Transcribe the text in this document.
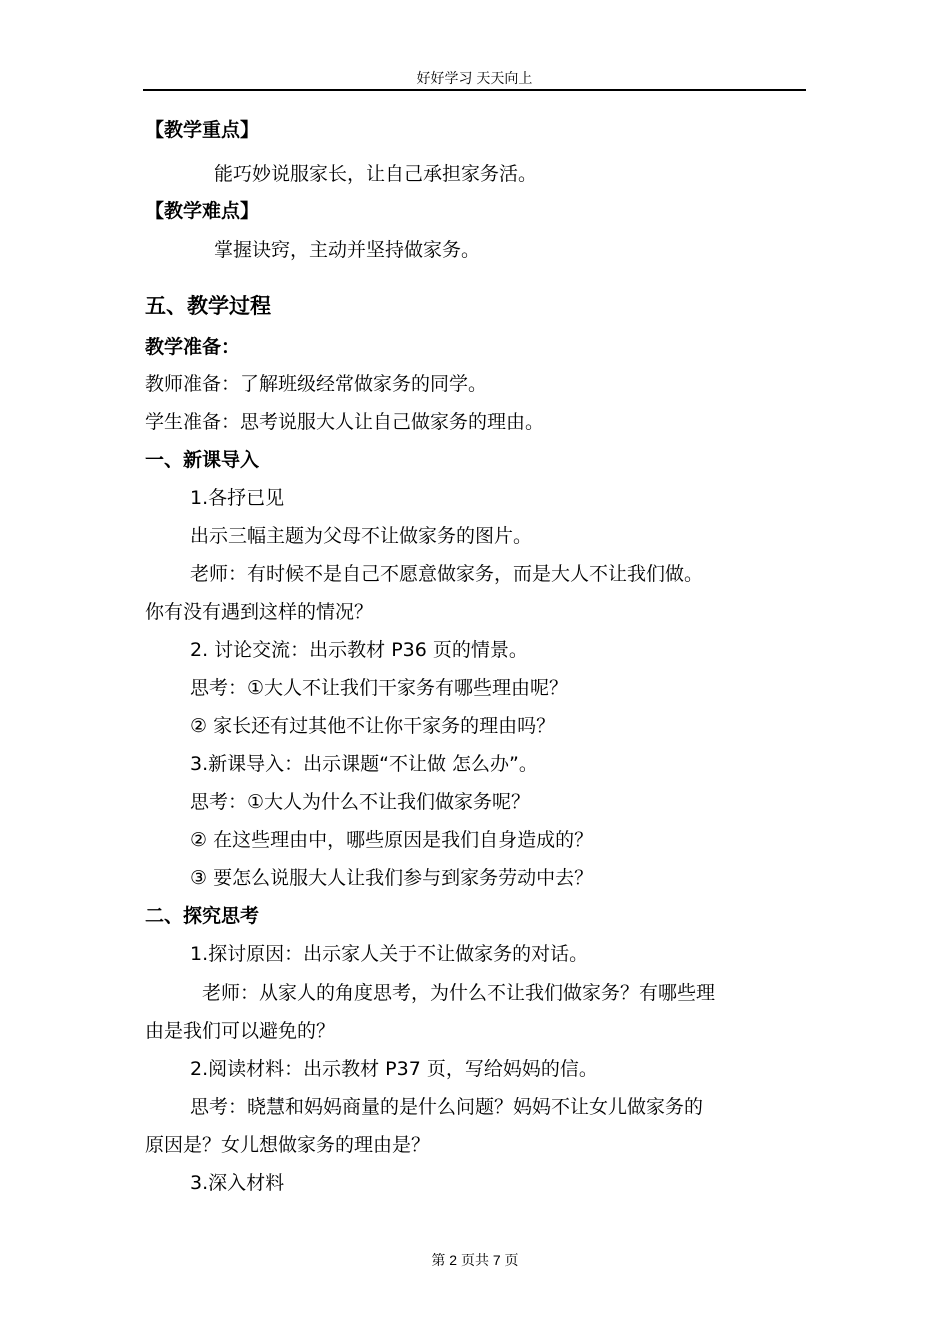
好好学习 天天向上
【教学重点】
能巧妙说服家长，让自己承担家务活。
【教学难点】
掌握诀窍，主动并坚持做家务。
五、教学过程
教学准备：
教师准备：了解班级经常做家务的同学。
学生准备：思考说服大人让自己做家务的理由。
一、新课导入
1.各抒已见
出示三幅主题为父母不让做家务的图片。
老师：有时候不是自己不愿意做家务，而是大人不让我们做。
你有没有遇到这样的情况？
2. 讨论交流：出示教材 P36 页的情景。
思考：①大人不让我们干家务有哪些理由呢？
② 家长还有过其他不让你干家务的理由吗？
3.新课导入：出示课题“不让做 怎么办”。
思考：①大人为什么不让我们做家务呢？
② 在这些理由中，哪些原因是我们自身造成的？
③ 要怎么说服大人让我们参与到家务劳动中去？
二、探究思考
1.探讨原因：出示家人关于不让做家务的对话。
老师：从家人的角度思考，为什么不让我们做家务？有哪些理
由是我们可以避免的？
2.阅读材料：出示教材 P37 页，写给妈妈的信。
思考：晓慧和妈妈商量的是什么问题？妈妈不让女儿做家务的
原因是？女儿想做家务的理由是？
3.深入材料
第 2 页共 7 页
